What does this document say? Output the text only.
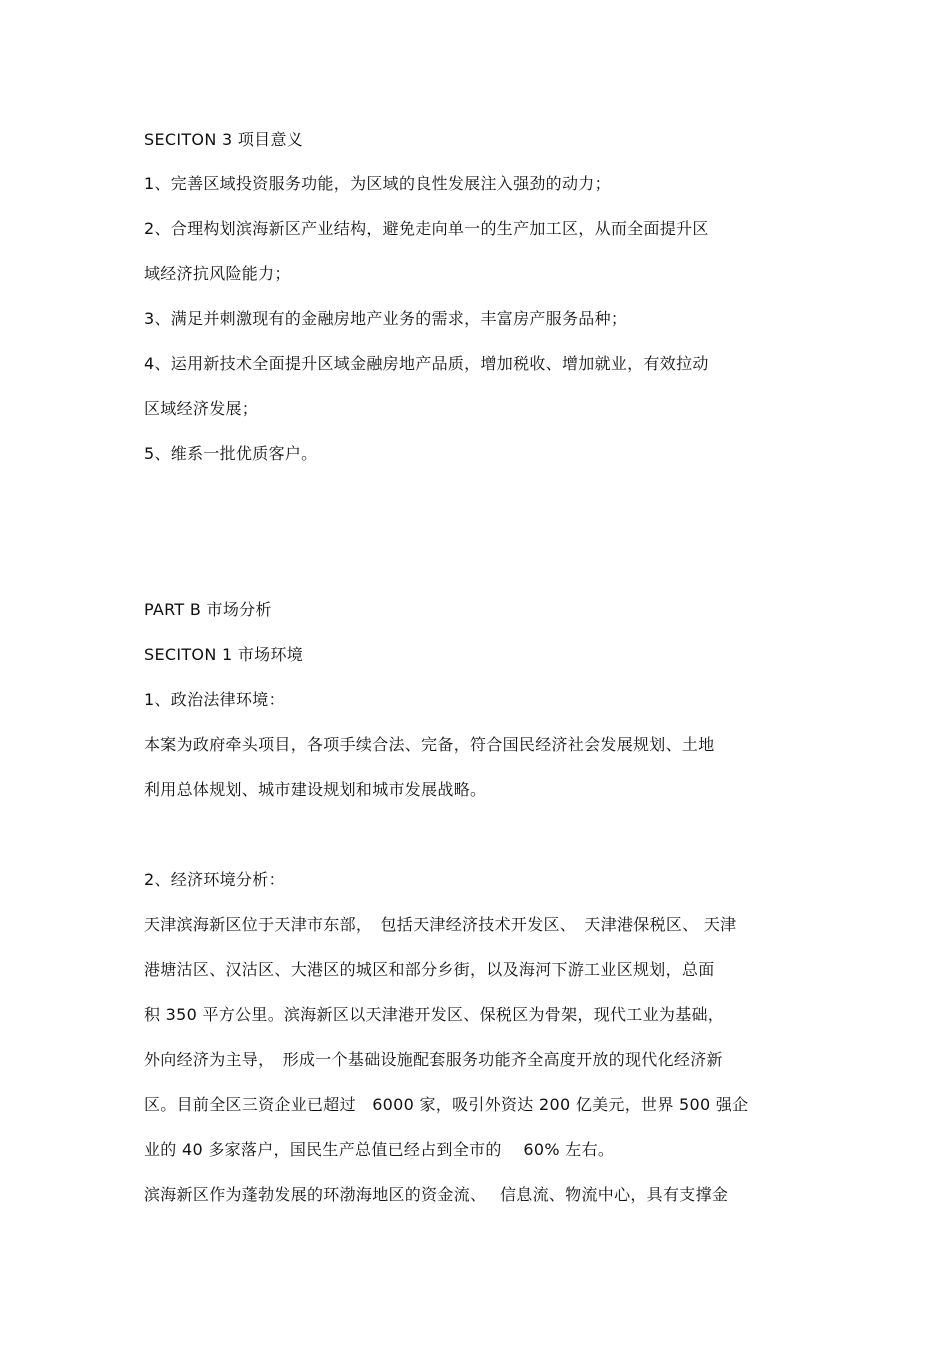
SECITON 3 项目意义
1、完善区域投资服务功能，为区域的良性发展注入强劲的动力；
2、合理构划滨海新区产业结构，避免走向单一的生产加工区，从而全面提升区
域经济抗风险能力；
3、满足并刺激现有的金融房地产业务的需求，丰富房产服务品种；
4、运用新技术全面提升区域金融房地产品质，增加税收、增加就业，有效拉动
区域经济发展；
5、维系一批优质客户。
PART B 市场分析
SECITON 1 市场环境
1、政治法律环境：
本案为政府牵头项目，各项手续合法、完备，符合国民经济社会发展规划、土地
利用总体规划、城市建设规划和城市发展战略。
2、经济环境分析：
天津滨海新区位于天津市东部，　包括天津经济技术开发区、　天津港保税区、 天津
港塘沽区、汉沽区、大港区的城区和部分乡街，以及海河下游工业区规划，总面
积 350 平方公里。滨海新区以天津港开发区、保税区为骨架，现代工业为基础，
外向经济为主导，　形成一个基础设施配套服务功能齐全高度开放的现代化经济新
区。目前全区三资企业已超过　6000 家，吸引外资达 200 亿美元，世界 500 强企
业的 40 多家落户，国民生产总值已经占到全市的　 60% 左右。
滨海新区作为蓬勃发展的环渤海地区的资金流、　 信息流、物流中心，具有支撑金
